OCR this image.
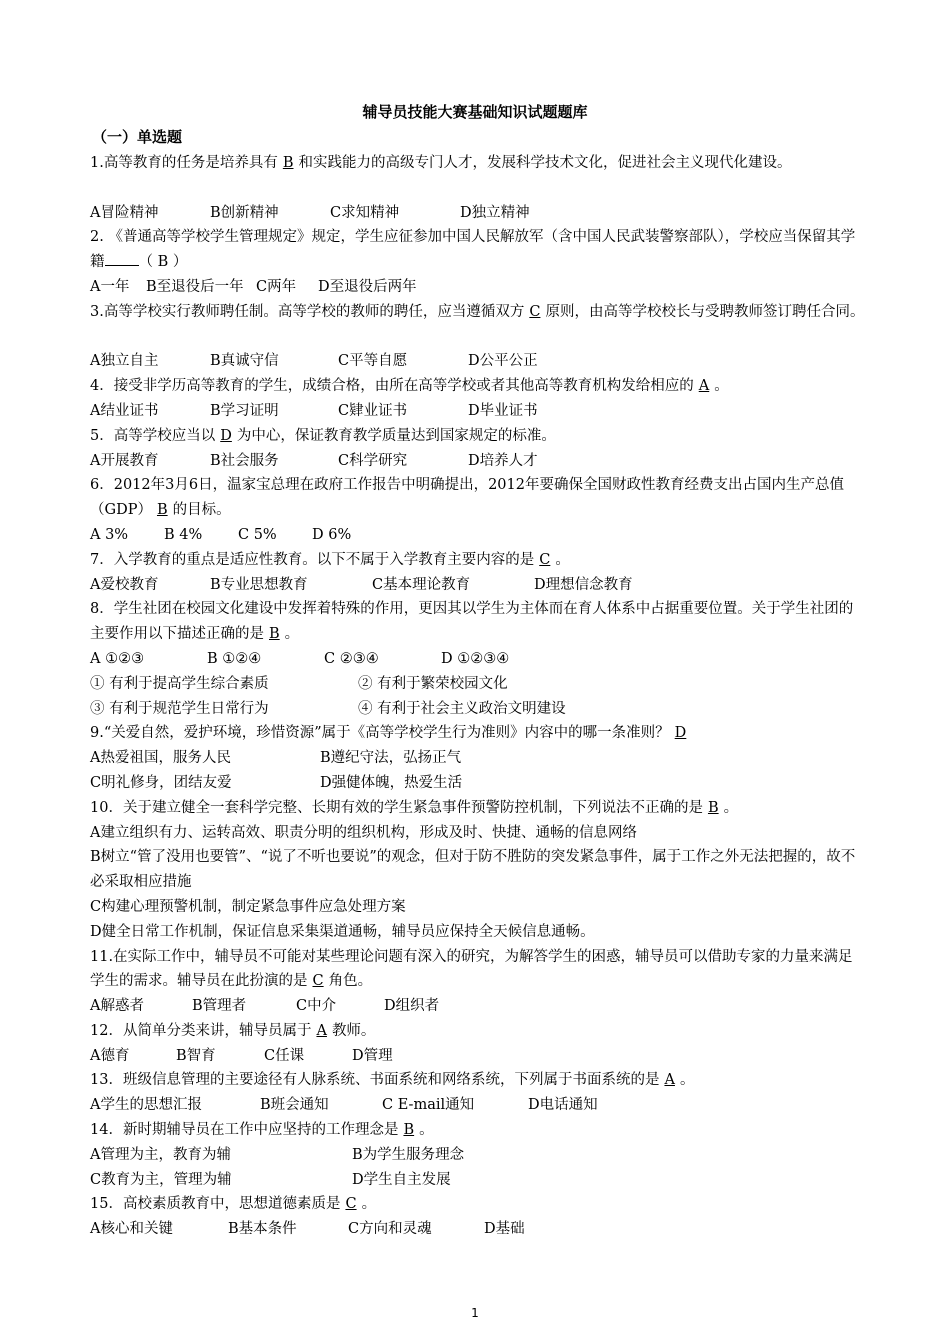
辅导员技能大赛基础知识试题题库
（一）单选题
1.高等教育的任务是培养具有 B 和实践能力的高级专门人才，发展科学技术文化，促进社会主义现代化建设。
A冒险精神	B创新精神	C求知精神	D独立精神
2. 《普通高等学校学生管理规定》规定，学生应征参加中国人民解放军（含中国人民武装警察部队），学校应当保留其学籍 （ B ）
A一年 B至退役后一年 C两年 D至退役后两年
3.高等学校实行教师聘任制。高等学校的教师的聘任，应当遵循双方 C 原则，由高等学校校长与受聘教师签订聘任合同。
A独立自主	B真诚守信	C平等自愿	D公平公正
4．接受非学历高等教育的学生，成绩合格，由所在高等学校或者其他高等教育机构发给相应的 A 。
A结业证书	B学习证明	C肄业证书	D毕业证书
5．高等学校应当以 D 为中心，保证教育教学质量达到国家规定的标准。
A开展教育	B社会服务	C科学研究	D培养人才
6．2012年3月6日，温家宝总理在政府工作报告中明确提出，2012年要确保全国财政性教育经费支出占国内生产总值（GDP） B 的目标。
A 3% B 4% C 5% D 6%
7．入学教育的重点是适应性教育。以下不属于入学教育主要内容的是 C 。
A爱校教育	B专业思想教育	C基本理论教育	D理想信念教育
8．学生社团在校园文化建设中发挥着特殊的作用，更因其以学生为主体而在育人体系中占据重要位置。关于学生社团的主要作用以下描述正确的是 B 。
A ①②③	B ①②④	C ②③④	D ①②③④
① 有利于提高学生综合素质	② 有利于繁荣校园文化
③ 有利于规范学生日常行为	④ 有利于社会主义政治文明建设
9.“关爱自然，爱护环境，珍惜资源”属于《高等学校学生行为准则》内容中的哪一条准则？ D
A热爱祖国，服务人民	B遵纪守法，弘扬正气
C明礼修身，团结友爱	D强健体魄，热爱生活
10．关于建立健全一套科学完整、长期有效的学生紧急事件预警防控机制，下列说法不正确的是 B 。
A建立组织有力、运转高效、职责分明的组织机构，形成及时、快捷、通畅的信息网络
B树立“管了没用也要管”、“说了不听也要说”的观念，但对于防不胜防的突发紧急事件，属于工作之外无法把握的，故不必采取相应措施
C构建心理预警机制，制定紧急事件应急处理方案
D健全日常工作机制，保证信息采集渠道通畅，辅导员应保持全天候信息通畅。
11.在实际工作中，辅导员不可能对某些理论问题有深入的研究，为解答学生的困惑，辅导员可以借助专家的力量来满足学生的需求。辅导员在此扮演的是 C 角色。
A解惑者	B管理者	C中介	D组织者
12．从简单分类来讲，辅导员属于 A 教师。
A德育	B智育	C任课	D管理
13．班级信息管理的主要途径有人脉系统、书面系统和网络系统，下列属于书面系统的是 A 。
A学生的思想汇报	B班会通知	C E-mail通知	D电话通知
14．新时期辅导员在工作中应坚持的工作理念是 B 。
A管理为主，教育为辅	B为学生服务理念
C教育为主，管理为辅	D学生自主发展
15．高校素质教育中，思想道德素质是 C 。
A核心和关键	B基本条件	C方向和灵魂	D基础
1
